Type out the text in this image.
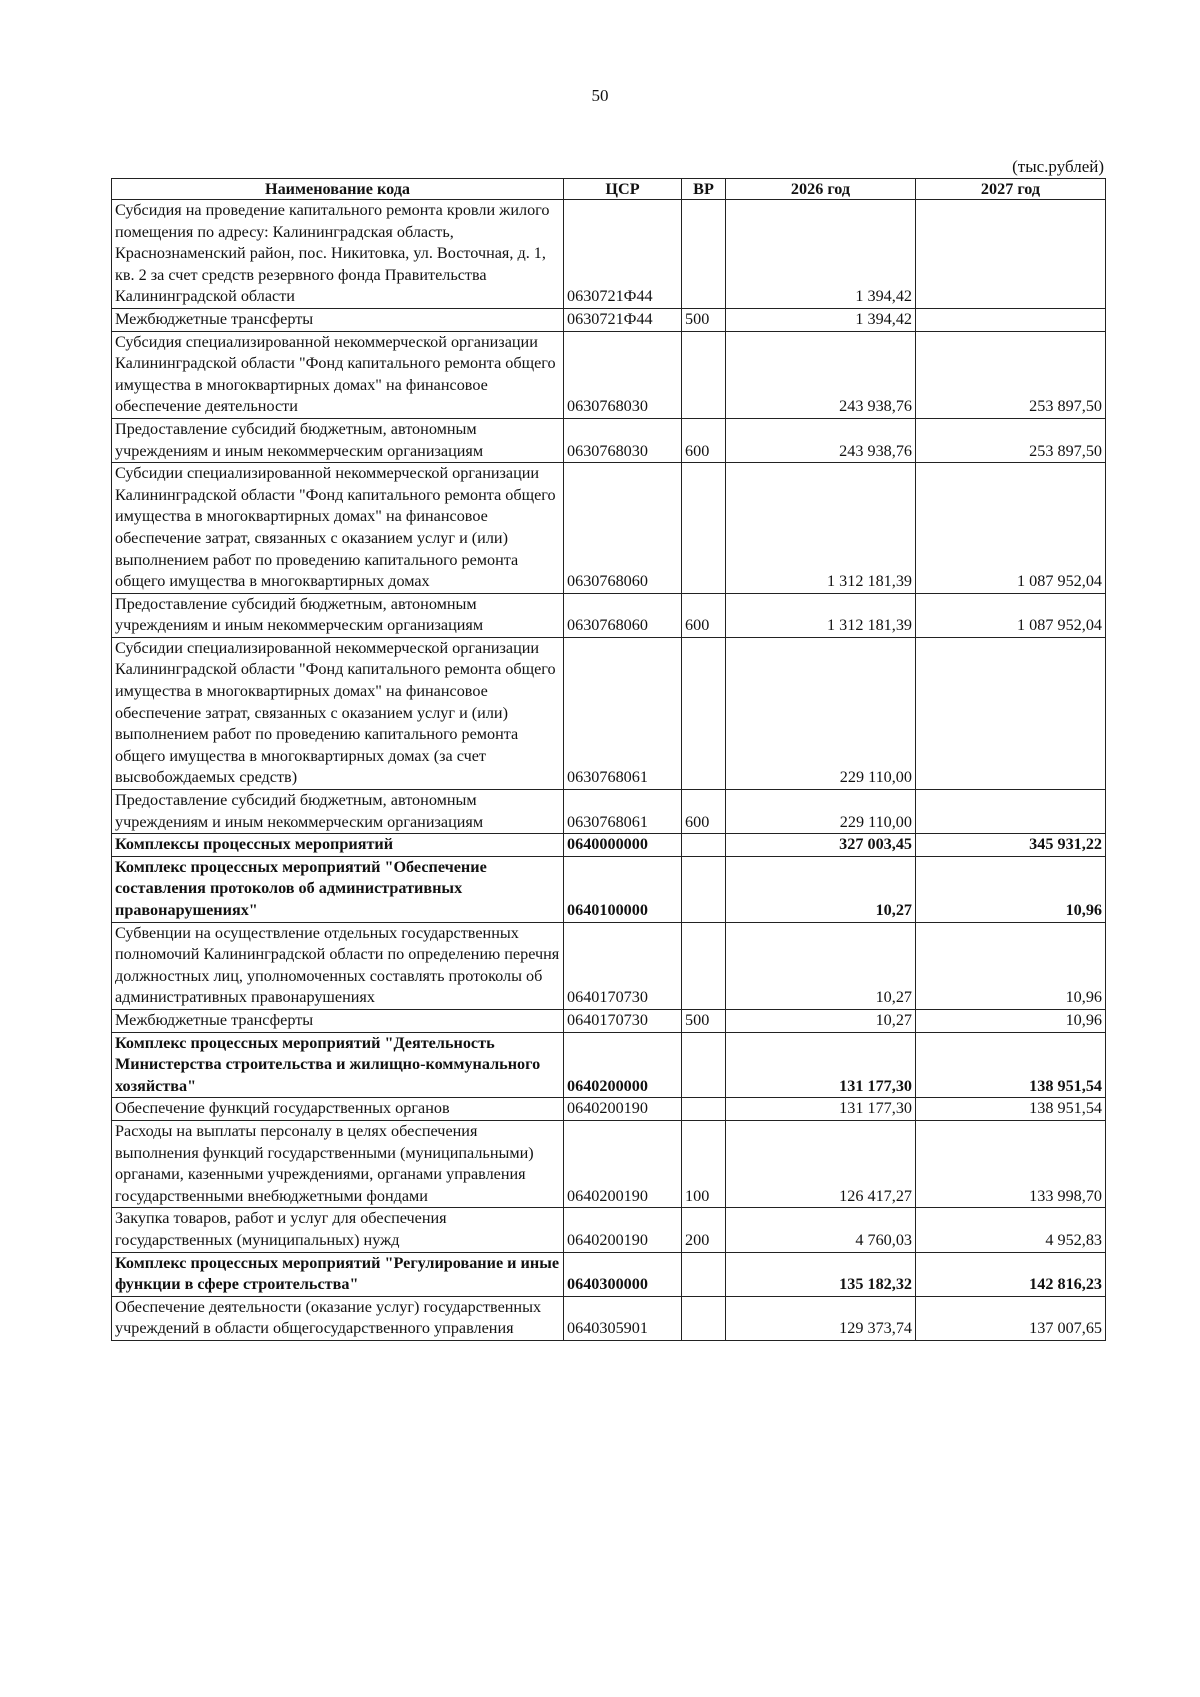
50
(тыс.рублей)
Наименование кода	ЦСР	ВР	2026 год	2027 год
Субсидия на проведение капитального ремонта кровли жилого помещения по адресу: Калининградская область, Краснознаменский район, пос. Никитовка, ул. Восточная, д. 1, кв. 2 за счет средств резервного фонда Правительства Калининградской области	0630721Ф44		1 394,42	
Межбюджетные трансферты	0630721Ф44	500	1 394,42	
Субсидия специализированной некоммерческой организации Калининградской области "Фонд капитального ремонта общего имущества в многоквартирных домах" на финансовое обеспечение деятельности	0630768030		243 938,76	253 897,50
Предоставление субсидий бюджетным, автономным учреждениям и иным некоммерческим организациям	0630768030	600	243 938,76	253 897,50
Субсидии специализированной некоммерческой организации Калининградской области "Фонд капитального ремонта общего имущества в многоквартирных домах" на финансовое обеспечение затрат, связанных с оказанием услуг и (или) выполнением работ по проведению капитального ремонта общего имущества в многоквартирных домах	0630768060		1 312 181,39	1 087 952,04
Предоставление субсидий бюджетным, автономным учреждениям и иным некоммерческим организациям	0630768060	600	1 312 181,39	1 087 952,04
Субсидии специализированной некоммерческой организации Калининградской области "Фонд капитального ремонта общего имущества в многоквартирных домах" на финансовое обеспечение затрат, связанных с оказанием услуг и (или) выполнением работ по проведению капитального ремонта общего имущества в многоквартирных домах (за счет высвобождаемых средств)	0630768061		229 110,00	
Предоставление субсидий бюджетным, автономным учреждениям и иным некоммерческим организациям	0630768061	600	229 110,00	
Комплексы процессных мероприятий	0640000000		327 003,45	345 931,22
Комплекс процессных мероприятий "Обеспечение составления протоколов об административных правонарушениях"	0640100000		10,27	10,96
Субвенции на осуществление отдельных государственных полномочий Калининградской области по определению перечня должностных лиц, уполномоченных составлять протоколы об административных правонарушениях	0640170730		10,27	10,96
Межбюджетные трансферты	0640170730	500	10,27	10,96
Комплекс процессных мероприятий "Деятельность Министерства строительства и жилищно-коммунального хозяйства"	0640200000		131 177,30	138 951,54
Обеспечение функций государственных органов	0640200190		131 177,30	138 951,54
Расходы на выплаты персоналу в целях обеспечения выполнения функций государственными (муниципальными) органами, казенными учреждениями, органами управления государственными внебюджетными фондами	0640200190	100	126 417,27	133 998,70
Закупка товаров, работ и услуг для обеспечения государственных (муниципальных) нужд	0640200190	200	4 760,03	4 952,83
Комплекс процессных мероприятий "Регулирование и иные функции в сфере строительства"	0640300000		135 182,32	142 816,23
Обеспечение деятельности (оказание услуг) государственных учреждений в области общегосударственного управления	0640305901		129 373,74	137 007,65
